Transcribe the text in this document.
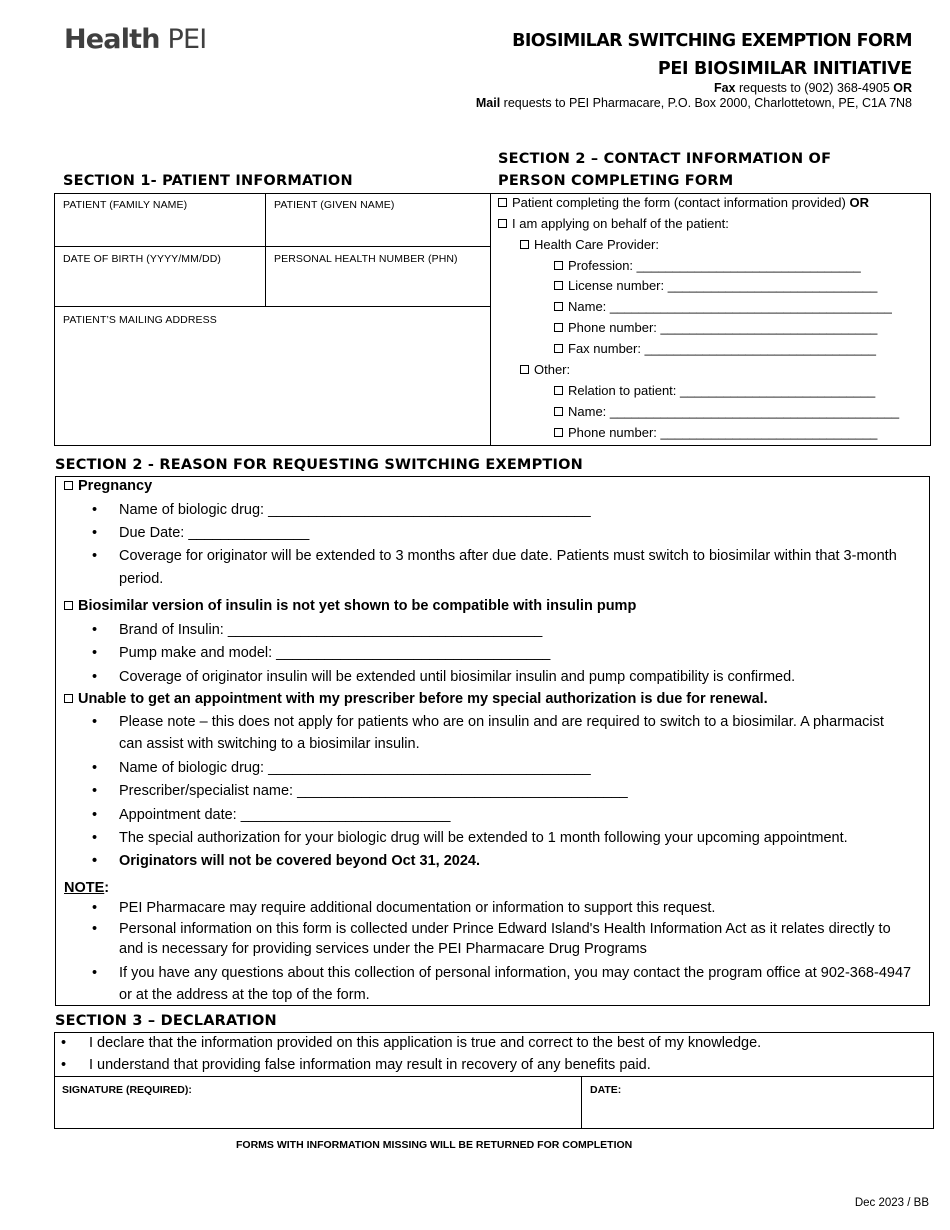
Health PEI	BIOSIMILAR SWITCHING EXEMPTION FORM
PEI BIOSIMILAR INITIATIVE
Fax requests to (902) 368-4905 OR
Mail requests to PEI Pharmacare, P.O. Box 2000, Charlottetown, PE, C1A 7N8
SECTION 1- PATIENT INFORMATION
PATIENT (FAMILY NAME)	PATIENT (GIVEN NAME)
DATE OF BIRTH (YYYY/MM/DD)	PERSONAL HEALTH NUMBER (PHN)
PATIENT’S MAILING ADDRESS
SECTION 2 – CONTACT INFORMATION OF
PERSON COMPLETING FORM
Patient completing the form (contact information provided) OR
I am applying on behalf of the patient:
Health Care Provider:
Profession: _______________________________
License number: _____________________________
Name: _______________________________________
Phone number: ______________________________
Fax number: ________________________________
Other:
Relation to patient: ___________________________
Name: ________________________________________
Phone number: ______________________________
SECTION 2 - REASON FOR REQUESTING SWITCHING EXEMPTION
Pregnancy
• Name of biologic drug: ________________________________________
• Due Date: _______________
• Coverage for originator will be extended to 3 months after due date. Patients must switch to biosimilar within that 3-month period.
Biosimilar version of insulin is not yet shown to be compatible with insulin pump
• Brand of Insulin: _______________________________________
• Pump make and model: __________________________________
• Coverage of originator insulin will be extended until biosimilar insulin and pump compatibility is confirmed.
Unable to get an appointment with my prescriber before my special authorization is due for renewal.
• Please note – this does not apply for patients who are on insulin and are required to switch to a biosimilar. A pharmacist can assist with switching to a biosimilar insulin.
• Name of biologic drug: ________________________________________
• Prescriber/specialist name: _________________________________________
• Appointment date: __________________________
• The special authorization for your biologic drug will be extended to 1 month following your upcoming appointment.
• Originators will not be covered beyond Oct 31, 2024.
NOTE:
• PEI Pharmacare may require additional documentation or information to support this request.
• Personal information on this form is collected under Prince Edward Island's Health Information Act as it relates directly to and is necessary for providing services under the PEI Pharmacare Drug Programs
• If you have any questions about this collection of personal information, you may contact the program office at 902-368-4947 or at the address at the top of the form.
SECTION 3 – DECLARATION
• I declare that the information provided on this application is true and correct to the best of my knowledge.
• I understand that providing false information may result in recovery of any benefits paid.
SIGNATURE (REQUIRED):	DATE:
FORMS WITH INFORMATION MISSING WILL BE RETURNED FOR COMPLETION
Dec 2023 / BB
